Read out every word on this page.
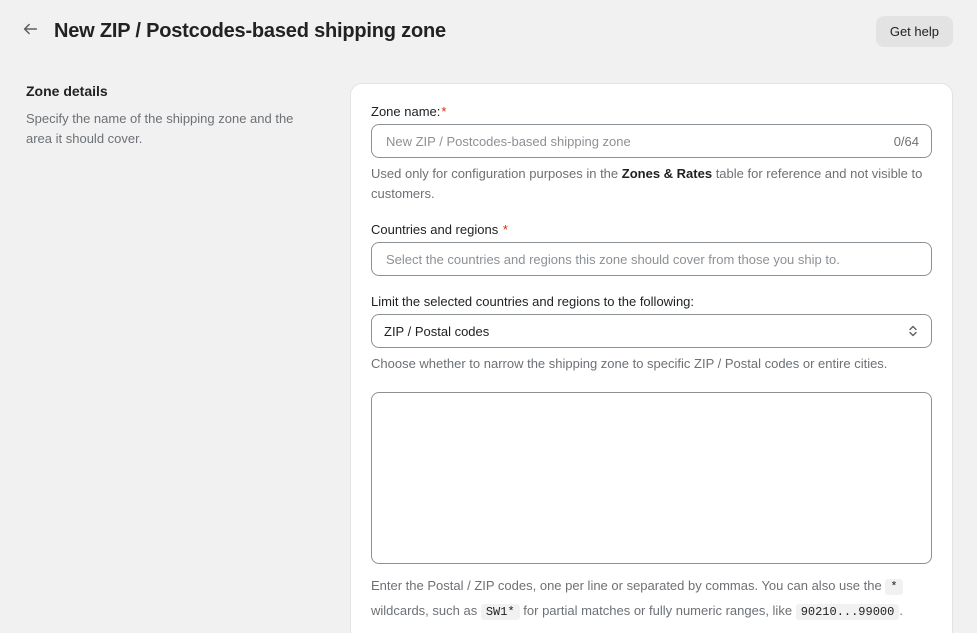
New ZIP / Postcodes-based shipping zone	Get help
Zone details

Specify the name of the shipping zone and the area it should cover.

Zone name:*
New ZIP / Postcodes-based shipping zone
0/64

Used only for configuration purposes in the Zones & Rates table for reference and not visible to customers.

Countries and regions *
Select the countries and regions this zone should cover from those you ship to.
Limit the selected countries and regions to the following:
ZIP / Postal codes

Choose whether to narrow the shipping zone to specific ZIP / Postal codes or entire cities.

Enter the Postal / ZIP codes, one per line or separated by commas. You can also use the * wildcards, such as SW1* for partial matches or fully numeric ranges, like 90210...99000 .
